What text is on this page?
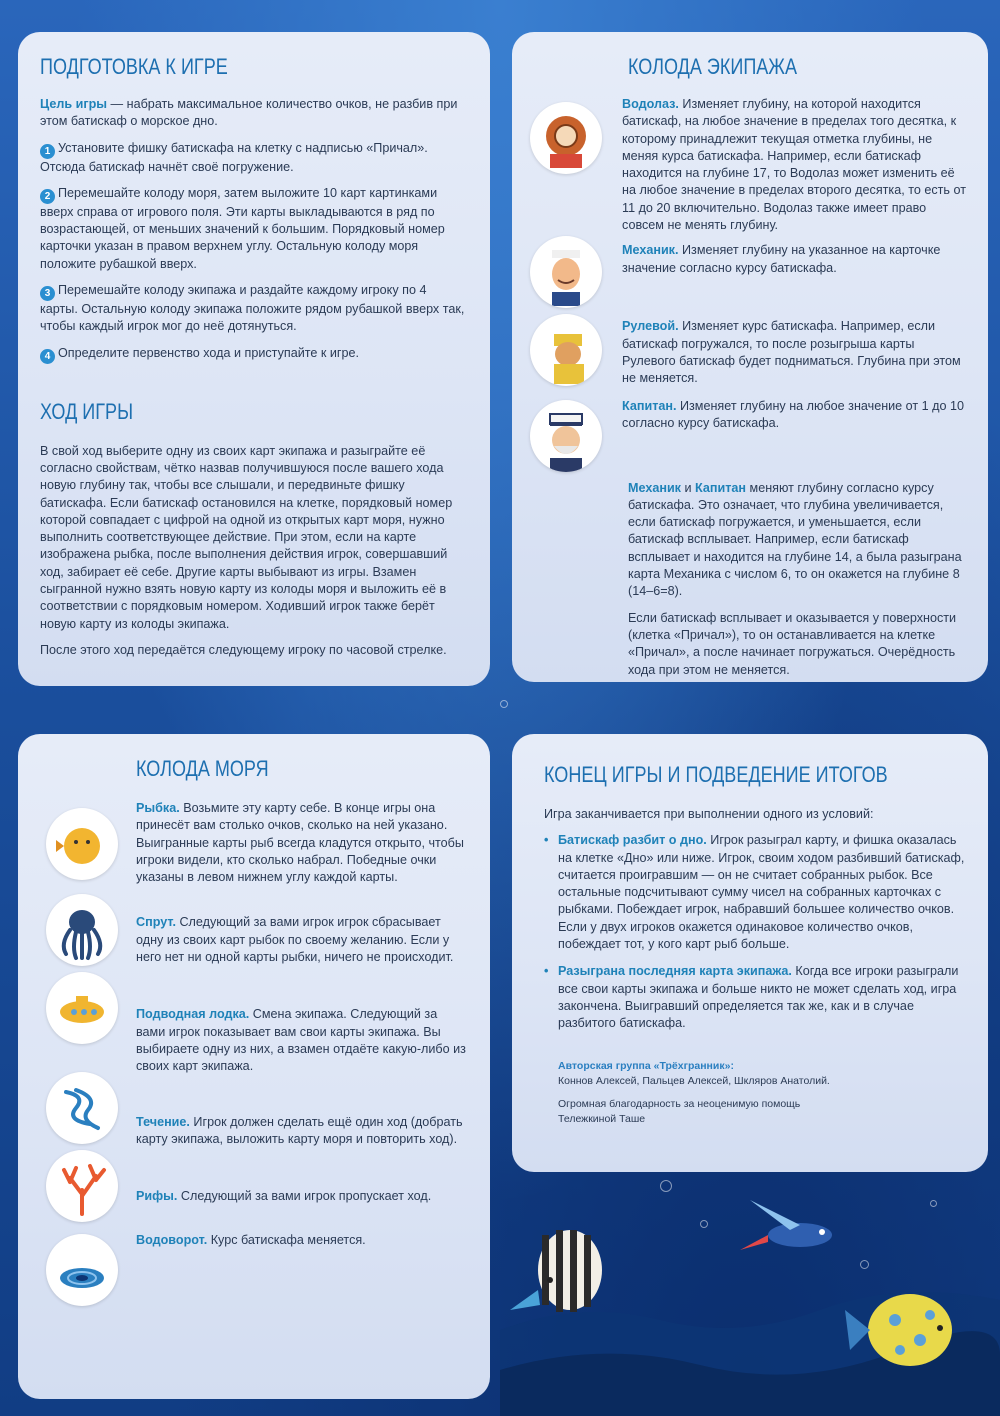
ПОДГОТОВКА К ИГРЕ

Цель игры — набрать максимальное количество очков, не разбив при этом батискаф о морское дно.

1 Установите фишку батискафа на клетку с надписью «Причал». Отсюда батискаф начнёт своё погружение.

2 Перемешайте колоду моря, затем выложите 10 карт картинками вверх справа от игрового поля. Эти карты выкладываются в ряд по возрастающей, от меньших значений к большим. Порядковый номер карточки указан в правом верхнем углу. Остальную колоду моря положите рубашкой вверх.

3 Перемешайте колоду экипажа и раздайте каждому игроку по 4 карты. Остальную колоду экипажа положите рядом рубашкой вверх так, чтобы каждый игрок мог до неё дотянуться.

4 Определите первенство хода и приступайте к игре.

ХОД ИГРЫ

В свой ход выберите одну из своих карт экипажа и разыграйте её согласно свойствам, чётко назвав получившуюся после вашего хода новую глубину так, чтобы все слышали, и передвиньте фишку батискафа. Если батискаф остановился на клетке, порядковый номер которой совпадает с цифрой на одной из открытых карт моря, нужно выполнить соответствующее действие. При этом, если на карте изображена рыбка, после выполнения действия игрок, совершавший ход, забирает её себе. Другие карты выбывают из игры. Взамен сыгранной нужно взять новую карту из колоды моря и выложить её в соответствии с порядковым номером. Ходивший игрок также берёт новую карту из колоды экипажа.

После этого ход передаётся следующему игроку по часовой стрелке.

КОЛОДА ЭКИПАЖА

Водолаз. Изменяет глубину, на которой находится батискаф, на любое значение в пределах того десятка, к которому принадлежит текущая отметка глубины, не меняя курса батискафа. Например, если батискаф находится на глубине 17, то Водолаз может изменить её на любое значение в пределах второго десятка, то есть от 11 до 20 включительно. Водолаз также имеет право совсем не менять глубину.

Механик. Изменяет глубину на указанное на карточке значение согласно курсу батискафа.

Рулевой. Изменяет курс батискафа. Например, если батискаф погружался, то после розыгрыша карты Рулевого батискаф будет подниматься. Глубина при этом не меняется.

Капитан. Изменяет глубину на любое значение от 1 до 10 согласно курсу батискафа.

Механик и Капитан меняют глубину согласно курсу батискафа. Это означает, что глубина увеличивается, если батискаф погружается, и уменьшается, если батискаф всплывает. Например, если батискаф всплывает и находится на глубине 14, а была разыграна карта Механика с числом 6, то он окажется на глубине 8 (14–6=8).

Если батискаф всплывает и оказывается у поверхности (клетка «Причал»), то он останавливается на клетке «Причал», а после начинает погружаться. Очерёдность хода при этом не меняется.

КОЛОДА МОРЯ

Рыбка. Возьмите эту карту себе. В конце игры она принесёт вам столько очков, сколько на ней указано. Выигранные карты рыб всегда кладутся открыто, чтобы игроки видели, кто сколько набрал. Победные очки указаны в левом нижнем углу каждой карты.

Спрут. Следующий за вами игрок игрок сбрасывает одну из своих карт рыбок по своему желанию. Если у него нет ни одной карты рыбки, ничего не происходит.

Подводная лодка. Смена экипажа. Следующий за вами игрок показывает вам свои карты экипажа. Вы выбираете одну из них, а взамен отдаёте какую-либо из своих карт экипажа.

Течение. Игрок должен сделать ещё один ход (добрать карту экипажа, выложить карту моря и повторить ход).

Рифы. Следующий за вами игрок пропускает ход.

Водоворот. Курс батискафа меняется.

КОНЕЦ ИГРЫ И ПОДВЕДЕНИЕ ИТОГОВ

Игра заканчивается при выполнении одного из условий:

• Батискаф разбит о дно. Игрок разыграл карту, и фишка оказалась на клетке «Дно» или ниже. Игрок, своим ходом разбивший батискаф, считается проигравшим — он не считает собранных рыбок. Все остальные подсчитывают сумму чисел на собранных карточках с рыбками. Побеждает игрок, набравший большее количество очков. Если у двух игроков окажется одинаковое количество очков, побеждает тот, у кого карт рыб больше.

• Разыграна последняя карта экипажа. Когда все игроки разыграли все свои карты экипажа и больше никто не может сделать ход, игра закончена. Выигравший определяется так же, как и в случае разбитого батискафа.

Авторская группа «Трёхгранник»:

Коннов Алексей, Пальцев Алексей, Шкляров Анатолий.

Огромная благодарность за неоценимую помощь

Тележкиной Таше
